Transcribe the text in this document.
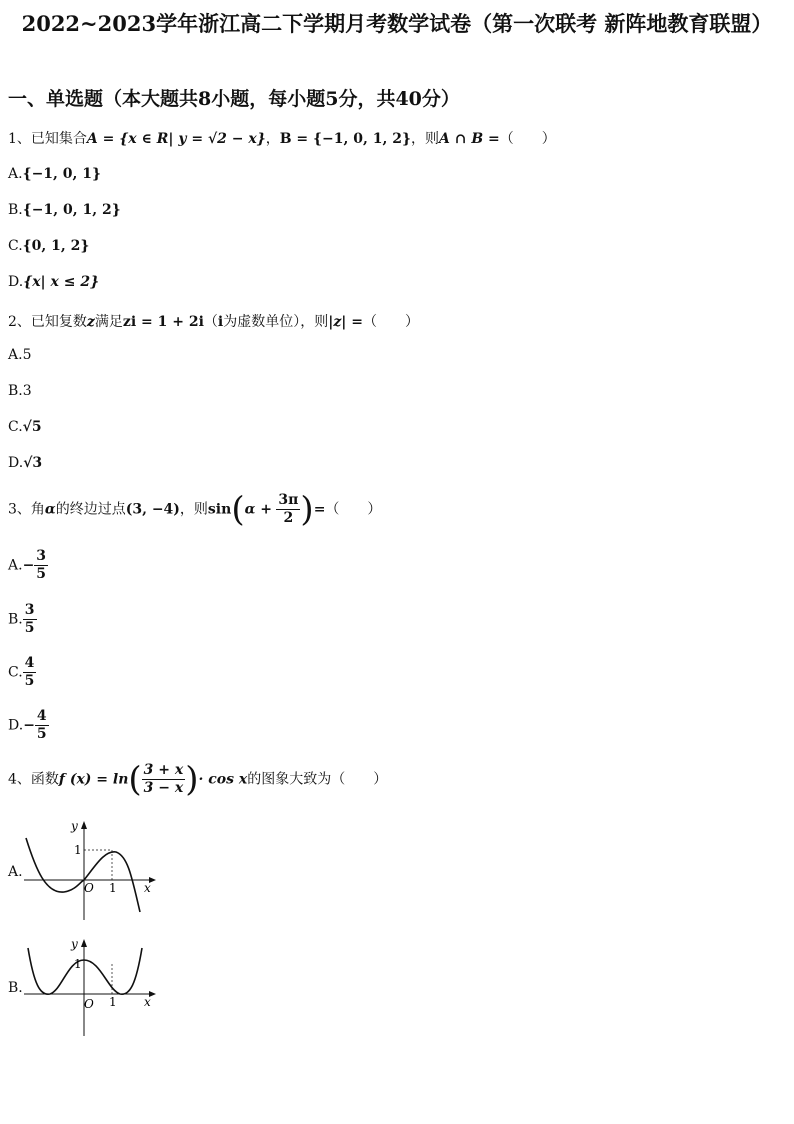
2022~2023学年浙江高二下学期月考数学试卷（第一次联考 新阵地教育联盟）
一、单选题（本大题共8小题，每小题5分，共40分）
1、已知集合A = {x ∈ R| y = √2 − x}，B = {−1, 0, 1, 2}，则A ∩ B =（　　）
A.{−1, 0, 1}
B.{−1, 0, 1, 2}
C.{0, 1, 2}
D.{x| x ≤ 2}
2、已知复数z满足zi = 1 + 2i（i为虚数单位），则|z| =（　　）
A.5
B.3
C.√5
D.√3
3、角α的终边过点(3, −4)，则$\sin(\alpha + \frac{3\pi}{2}$ )=（　　）
$A.- \frac{3}{5}$
B. $\frac{3}{5}$
C. $\frac{4}{5}$
$D.- \frac{4}{5}$
4、函数f $(x) = \ln( \frac{3 + x}{3 - x}$ )· cos x的图象大致为（　　）
A.
y
1
O 1 x
B.
y
1
O 1 x
